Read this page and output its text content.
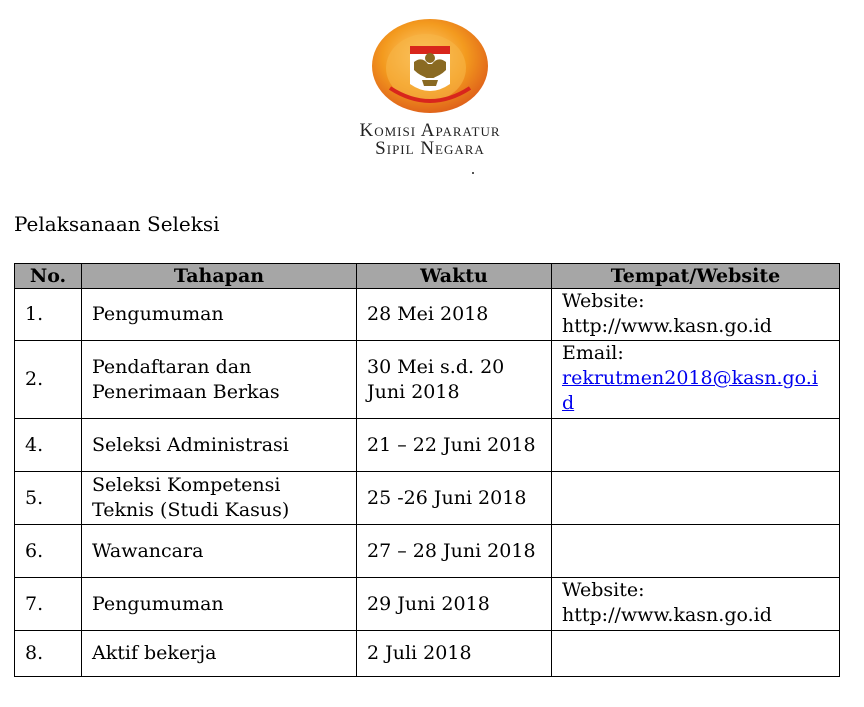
Komisi Aparatur
Sipil Negara
Pelaksanaan Seleksi
No.	Tahapan	Waktu	Tempat/Website
1.	Pengumuman	28 Mei 2018	Website:
http://www.kasn.go.id

2.	Pendaftaran dan Penerimaan Berkas	30 Mei s.d. 20 Juni 2018	Email:
rekrutmen2018@kasn.go.id

4.	Seleksi Administrasi	21 – 22 Juni 2018	
5.	Seleksi Kompetensi Teknis (Studi Kasus)	25 -26 Juni 2018	
6.	Wawancara	27 – 28 Juni 2018	
7.	Pengumuman	29 Juni 2018	Website:
http://www.kasn.go.id

8.	Aktif bekerja	2 Juli 2018	
